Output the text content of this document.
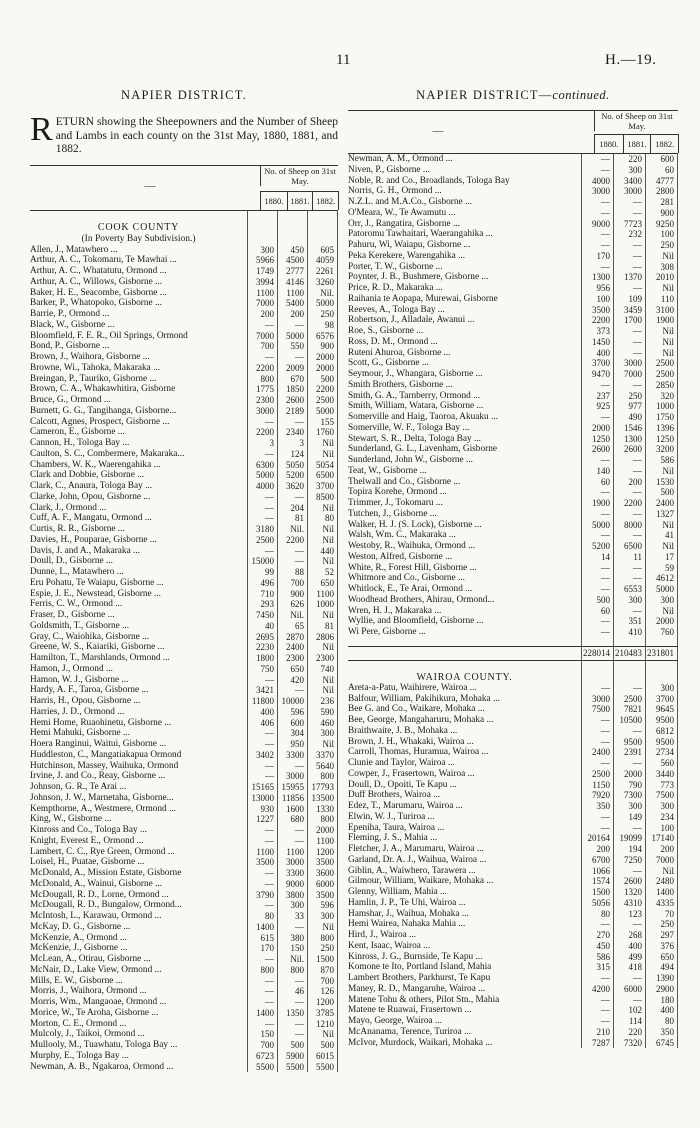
11	H.—19.
NAPIER DISTRICT.
RETURN showing the Sheepowners and the Number of Sheep and Lambs in each county on the 31st May, 1880, 1881, and 1882.
—
No. of Sheep on 31st May.
1880. 1881. 1882.
COOK COUNTY
(In Poverty Bay Subdivision.)
Allen, J., Matawhero ...	300	450	605
Arthur, A. C., Tokomaru, Te Mawhai ...	5966	4500	4059
Arthur, A. C., Whatatutu, Ormond ...	1749	2777	2261
Arthur, A. C., Willows, Gisborne ...	3994	4146	3260
Baker, H. E., Seacombe, Gisborne ...	1100	1100	Nil.
Barker, P., Whatopoko, Gisborne ...	7000	5400	5000
Barrie, P., Ormond ...	200	200	250
Black, W., Gisborne ...	—	—	98
Bloomfield, F. E. R., Oil Springs, Ormond	7000	5000	6576
Bond, P., Gisborne ...	700	550	900
Brown, J., Waihora, Gisborne ...	—	—	2000
Browne, Wi., Tahoka, Makaraka ...	2200	2009	2000
Breingan, P., Tauriko, Gisborne ...	800	670	500
Brown, C. A., Whakawhitira, Gisborne	1775	1850	2200
Bruce, G., Ormond ...	2300	2600	2500
Burnett, G. G., Tangihanga, Gisborne...	3000	2189	5000
Calcott, Agnes, Prospect, Gisborne ...	—	—	155
Cameron, E., Gisborne ...	2200	2340	1760
Cannon, H., Tologa Bay ...	3	3	Nil
Caulton, S. C., Combermere, Makaraka...	—	124	Nil
Chambers, W. K., Waerengahika ...	6300	5050	5054
Clark and Dobbie, Gisborne ...	5000	5200	6500
Clark, C., Anaura, Tologa Bay ...	4000	3620	3700
Clarke, John, Opou, Gisborne ...	—	—	8500
Clark, J., Ormond ...	—	204	Nil
Cuff, A. F., Mangatu, Ormond ...	—	81	80
Curtis, R. R., Gisborne ...	3180	Nil.	Nil
Davies, H., Pouparae, Gisborne ...	2500	2200	Nil
Davis, J. and A., Makaraka ...	—	—	440
Doull, D., Gisborne ...	15000	—	Nil
Dunne, L., Matawhero ...	99	88	52
Eru Pohatu, Te Waiapu, Gisborne ...	496	700	650
Espie, J. E., Newstead, Gisborne ...	710	900	1100
Ferris, C. W., Ormond ...	293	626	1000
Fraser, D., Gisborne ...	7450	Nil.	Nil
Goldsmith, T., Gisborne ...	40	65	81
Gray, C., Waiohika, Gisborne ...	2695	2870	2806
Greene, W. S., Kaiariki, Gisborne ...	2230	2400	Nil
Hamilton, T., Marshlands, Ormond ...	1800	2300	2300
Hamon, J., Ormond ...	750	650	740
Hamon, W. J., Gisborne ...	—	420	Nil
Hardy, A. F., Taroa, Gisborne ...	3421	—	Nil
Harris, H., Opou, Gisborne ...	11800 10000	236
Harries, J. D., Ormond ...	400	596	590
Hemi Home, Ruaohinetu, Gisborne ...	406	600	460
Hemi Mahuki, Gisborne ...	—	304	300
Hoera Ranginui, Waitui, Gisborne ...	—	950	Nil
Huddleston, C., Mangatiakapua Ormond	3402	3300	3370
Hutchinson, Massey, Waihuka, Ormond	—	—	5640
Irvine, J. and Co., Reay, Gisborne ...	—	3000	800
Johnson, G. R., Te Arai ...	15165 15955 17793
Johnson, J. W., Marnetaha, Gisborne...	13000 11856 13500
Kempthorne, A., Westmere, Ormond ...	930	1600	1330
King, W., Gisborne ...	1227	680	800
Kinross and Co., Tologa Bay ...	—	—	2000
Knight, Everest E., Ormond ...	—	—	1100
Lambert, C. C., Rye Green, Ormond ...	1100	1100	1200
Loisel, H., Puatae, Gisborne ...	3500	3000	3500
McDonald, A., Mission Estate, Gisborne	—	3300	3600
McDonald, A., Wainui, Gisborne ...	—	9000	6000
McDougall, R. D., Lorne, Ormond ...	3790	3800	3500
McDougall, R. D., Bungalow, Ormond...	—	300	596
McIntosh, L., Karawau, Ormond ...	80	33	300
McKay, D. G., Gisborne ...	1400	—	Nil
McKenzie, A., Ormond ...	615	380	800
McKenzie, J., Gisborne ...	170	150	250
McLean, A., Otirau, Gisborne ...	—	Nil.	1500
McNair, D., Lake View, Ormond ...	800	800	870
Mills, E. W., Gisborne ...	—	—	700
Morris, J., Waihora, Ormond ...	—	46	126
Morris, Wm., Mangaoae, Ormond ...	—	—	1200
Morice, W., Te Aroha, Gisborne ...	1400	1350	3785
Morton, C. E., Ormond ...	—	—	1210
Mulcoly, J., Taikoi, Ormond ...	150	—	Nil
Mullooly, M., Tuawhatu, Tologa Bay ...	700	500	500
Murphy, E., Tologa Bay ...	6723	5900	6015
Newman, A. B., Ngakaroa, Ormond ...	5500	5500	5500
NAPIER DISTRICT—continued.
—
No. of Sheep on 31st May.
1880.	1881.	1882.
Newman, A. M., Ormond ...	—	220	600
Niven, P., Gisborne ...	—	300	60
Noble, R. and Co., Broadlands, Tologa Bay	4000	3400	4777
Norris, G. H., Ormond ...	3000	3000	2800
N.Z.L. and M.A.Co., Gisborne ...	—	—	281
O'Meara, W., Te Awamutu ...	—	—	900
Orr, J., Rangatira, Gisborne ...	9000	7723	9250
Patoromu Tawhaitari, Waerangahika ...	—	232	100
Pahuru, Wi, Waiapu, Gisborne ...	—	—	250
Peka Kerekere, Warengahika ...	170	—	Nil
Porter, T. W., Gisborne ...	—	—	308
Poynter, J. B., Bushmere, Gisborne ...	1300	1370	2010
Price, R. D., Makaraka ...	956	—	Nil
Raihania te Aopapa, Murewai, Gisborne	100	109	110
Reeves, A., Tologa Bay ...	3500	3459	3100
Robertson, J., Alladale, Awanui ...	2200	1700	1900
Roe, S., Gisborne ...	373	—	Nil
Ross, D. M., Ormond ...	1450	—	Nil
Ruteni Ahuroa, Gisborne ...	400	—	Nil
Scott, G., Gisborne ...	3700	3000	2500
Seymour, J., Whangara, Gisborne ...	9470	7000	2500
Smith Brothers, Gisborne ...	—	—	2850
Smith, G. A., Tarnberry, Ormond ...	237	250	320
Smith, William, Watara, Gisborne ...	925	977	1000
Somerville and Haig, Taoroa, Akuaku ...	—	490	1750
Somerville, W. F., Tologa Bay ...	2000	1546	1396
Stewart, S. R., Delta, Tologa Bay ...	1250	1300	1250
Sunderland, G. L., Lavenham, Gisborne	2600	2600	3200
Sunderland, John W., Gisborne ...	—	—	586
Teat, W., Gisborne ...	140	—	Nil
Thelwall and Co., Gisborne ...	60	200	1530
Topira Korehe, Ormond ...	—	—	500
Trimmer, J., Tokomaru ...	1900	2200	2400
Tutchen, J., Gisborne ...	—	—	1327
Walker, H. J. (S. Lock), Gisborne ...	5000	8000	Nil
Walsh, Wm. C., Makaraka ...	—	—	41
Westoby, R., Waihuka, Ormond ...	5200	6500	Nil
Weston, Alfred, Gisborne ...	14	11	17
White, R., Forest Hill, Gisborne ...	—	—	59
Whitmore and Co., Gisborne ...	—	—	4612
Whitlock, E., Te Arai, Ormond ...	—	6553	5000
Woodhead Brothers, Ahirau, Ormond...	500	300	300
Wren, H. J., Makaraka ...	60	—	Nil
Wyllie, and Bloomfield, Gisborne ...	—	351	2000
Wi Pere, Gisborne ...	—	410	760
228014 210483 231801
WAIROA COUNTY.
Areta-a-Patu, Waihirere, Wairoa ...	—	—	300
Balfour, William, Pakihikura, Mohaka ...	3000	2500	3700
Bee G. and Co., Waikare, Mohaka ...	7500	7821	9645
Bee, George, Mangaharuru, Mohaka ...	—	10500	9500
Braithwaite, J. B., Mohaka ...	—	—	6812
Brown, J. H., Whakaki, Wairoa ...	—	9500	9500
Carroll, Thomas, Huramua, Wairoa ...	2400	2391	2734
Clunie and Taylor, Wairoa ...	—	—	560
Cowper, J., Frasertown, Wairoa ...	2500	2000	3440
Doull, D., Opoiti, Te Kapu ...	1150	790	773
Duff Brothers, Wairoa ...	7920	7300	7500
Edez, T., Marumaru, Wairoa ...	350	300	300
Elwin, W. J., Turiroa ...	—	149	234
Epeniha, Taura, Wairoa ...	—	—	100
Fleming, J. S., Mahia ...	20164	19099	17140
Fletcher, J. A., Marumaru, Wairoa ...	200	194	200
Garland, Dr. A. J., Waihua, Wairoa ...	6700	7250	7000
Giblin, A., Waiwhero, Tarawera ...	1066	—	Nil
Gilmour, William, Waikare, Mohaka ...	1574	2600	2480
Glenny, William, Mahia ...	1500	1320	1400
Hamlin, J. P., Te Uhi, Wairoa ...	5056	4310	4335
Hamshar, J., Waihua, Mohaka ...	80	123	70
Hemi Wairea, Nahaka Mahia ...	—	—	250
Hird, J., Wairoa ...	270	268	297
Kent, Isaac, Wairoa ...	450	400	376
Kinross, J. G., Burnside, Te Kapu ...	586	499	650
Komone te Ito, Portland Island, Mahia	315	418	494
Lambert Brothers, Parkhurst, Te Kapu	—	—	1390
Maney, R. D., Mangaruhe, Wairoa ...	4200	6000	2900
Matene Tohu & others, Pilot Stn., Mahia	—	—	180
Matene te Ruawai, Frasertown ...	—	102	400
Mayo, George, Wairoa ...	—	114	80
McAnanama, Terence, Turiroa ...	210	220	350
McIvor, Murdock, Waikari, Mohaka ...	7287	7320	6745
